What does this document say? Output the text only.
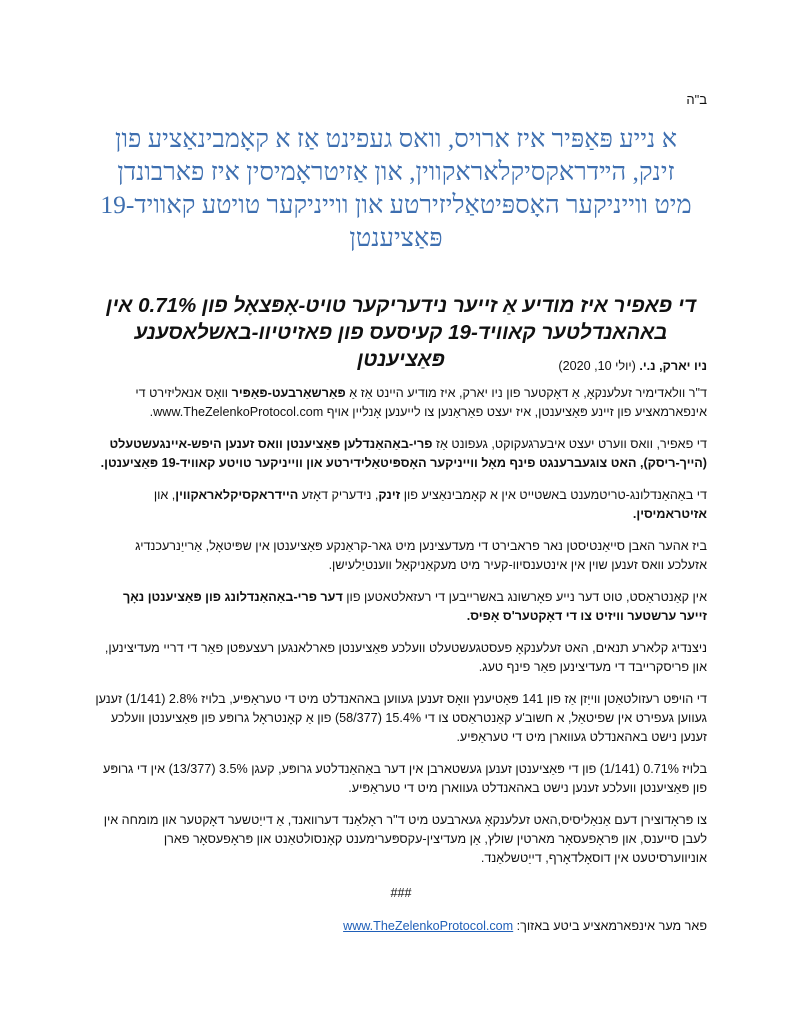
ב"ה
א נייע פּאַפּיר איז ארויס, וואס געפינט אַז א קאָמבינאַציע פון
זינק, הײדראקסיקלאראקווין, און אַזיטראָמיסין איז פארבונדן
מיט ווייניקער האָספּיטאַליזירטע און ווייניקער טויטע קאוויד-19
פּאַציענטן
די פאפיר איז מודיע אַ זייער נידעריקער טויט-אָפּצאָל פון 0.71% אין
באהאנדלטער קאוויד-19 קעיסעס פון פאזיטיוו-באשלאסענע פּאַציענטן	ניו יארק, נ.י. (יולי 10, 2020)

ד"ר וולאדימיר זעלענקאָ, אַ דאָקטער פון ניו יארק, איז מודיע היינט אַז אַ פּאַרשאַרבעט-פּאַפּיר וואָס אנאליזירט די אינפארמאציע פון זיינע פּאַציענטן, איז יעצט פאַראַנען צו לייענען אָנליין אויף www.TheZelenkoProtocol.com.

די פאפיר, וואס ווערט יעצט איבערגעקוקט, געפונט אַז פרי-באַהאַנדלען פּאַציענטן וואס זענען היפש-איינגעשטעלט (הייך-ריסק), האט צוגעברענגט פינף מאָל ווייניקער האָספּיטאַלידירטע און ווייניקער טויטע קאוויד-19 פּאַציענטן.

די באַהאַנדלונג-טריטמענט באשטייט אין א קאָמבינאַציע פון זינק, נידעריק דאָזע הײדראקסיקלאראקווין, און אזיטראמיסין.

ביז אהער האבן סייאַנטיסטן נאר פראבירט די מעדעצינען מיט גאר-קראַנקע פּאַציענטן אין שפּיטאָל, אַרייַנרעכנדיג אזעלכע וואס זענען שוין אין אינטענסיוו-קעיר מיט מעקאַניקאַל ווענטיַלעישן.

אין קאַנטראַסט, טוט דער נייע פאָרשונג באשרייבען די רעזאלטאטען פון דער פרי-באַהאַנדלונג פון פּאַציענטן נאָך זייער ערשטער וויזיט צו די דאָקטער'ס אָפיס.

ניצנדיג קלארע תנאים, האט זעלענקאָ פעסטגעשטעלט וועלכע פּאַציענטן פארלאנגען רעצעפּטן פאַר די דריי מעדיצינען, און פריסקרייבד די מעדיצינען פאַר פינף טעג.

די הויפּט רעזולטאַטן ווייַזן אַז פון 141 פּאַטיענץ וואָס זענען געווען באהאנדלט מיט די טעראַפּיע, בלויז 2.8% (1/141) זענען געווען געפירט אין שפיטאַל, א חשוב'ע קאַנטראַסט צו די 15.4% (58/377) פון אַ קאָנטראָל גרופּע פון פּאַציענטן וועלכע זענען נישט באהאנדלט געווארן מיט די טעראַפּיע.

בלויז 0.71% (1/141) פון די פּאַציענטן זענען געשטארבן אין דער באַהאַנדלטע גרופּע, קעגן 3.5% (13/377) אין די גרופּע פון פּאַציענטן וועלכע זענען נישט באהאנדלט געווארן מיט די טעראַפּיע.

צו פּראָדוצירן דעם אַנאַליסיס,האט זעלענקאָ געארבעט מיט ד"ר ראָלאַנד דערוואנד, אַ דייַטשער דאָקטער און מומחה אין לעבן סייענס, און פּראָפעסאָר מארטין שולץ, אַן מעדיצין-עקספּערימענט קאָנסולטאַנט און פּראָפעסאָר פארן אוניווערסיטעט אין דוסאָלדאָרף, דייַטשלאַנד.

###

פאר מער אינפארמאציע ביטע באזוך: www.TheZelenkoProtocol.com
